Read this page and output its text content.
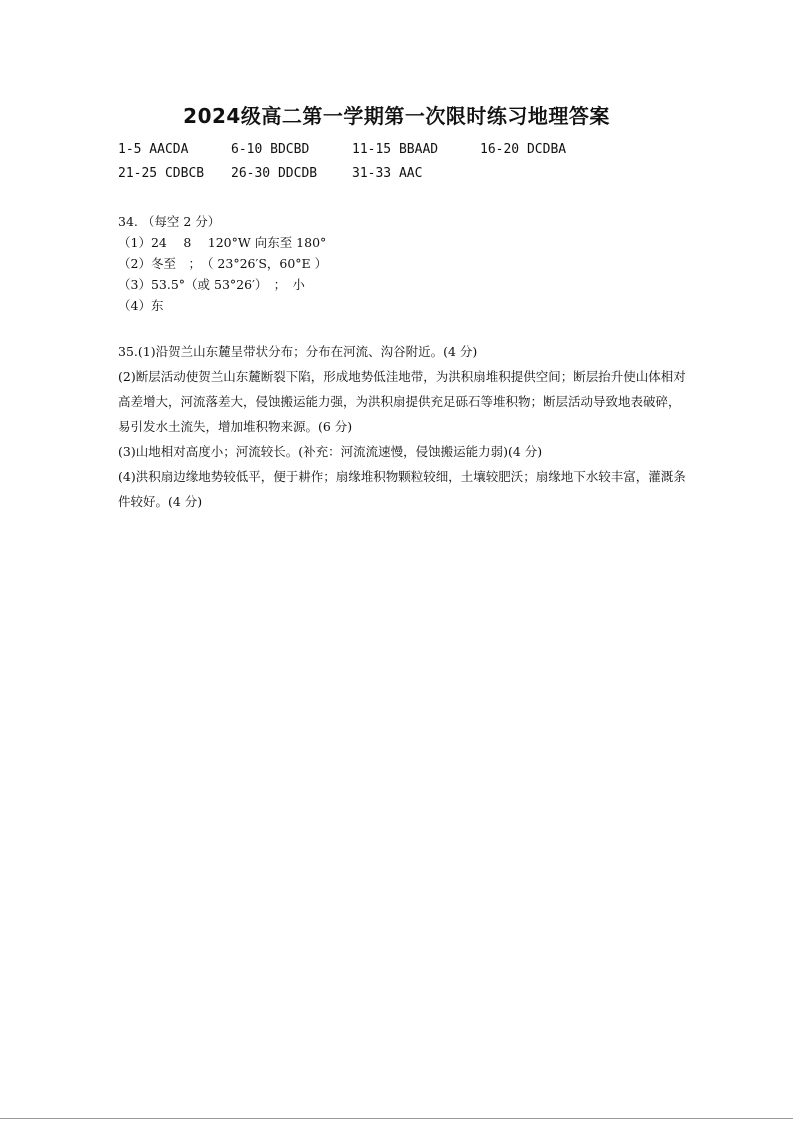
2024级高二第一学期第一次限时练习地理答案
1-5 AACDA	6-10 BDCBD	11-15 BBAAD	16-20 DCDBA
21-25 CDBCB 26-30 DDCDB	31-33 AAC
34. （每空 2 分）
（1）24　 8　 120°W 向东至 180°
（2）冬至　；　（ 23°26′S，60°E ）
（3）53.5°（或 53°26′）　；　小
（4）东

35.(1)沿贺兰山东麓呈带状分布；分布在河流、沟谷附近。(4 分)

(2)断层活动使贺兰山东麓断裂下陷，形成地势低洼地带，为洪积扇堆积提供空间；断层抬升使山体相对高差增大，河流落差大，侵蚀搬运能力强，为洪积扇提供充足砾石等堆积物；断层活动导致地表破碎，易引发水土流失，增加堆积物来源。(6 分)

(3)山地相对高度小；河流较长。(补充：河流流速慢，侵蚀搬运能力弱)(4 分)

(4)洪积扇边缘地势较低平，便于耕作；扇缘堆积物颗粒较细，土壤较肥沃；扇缘地下水较丰富，灌溉条件较好。(4 分)
